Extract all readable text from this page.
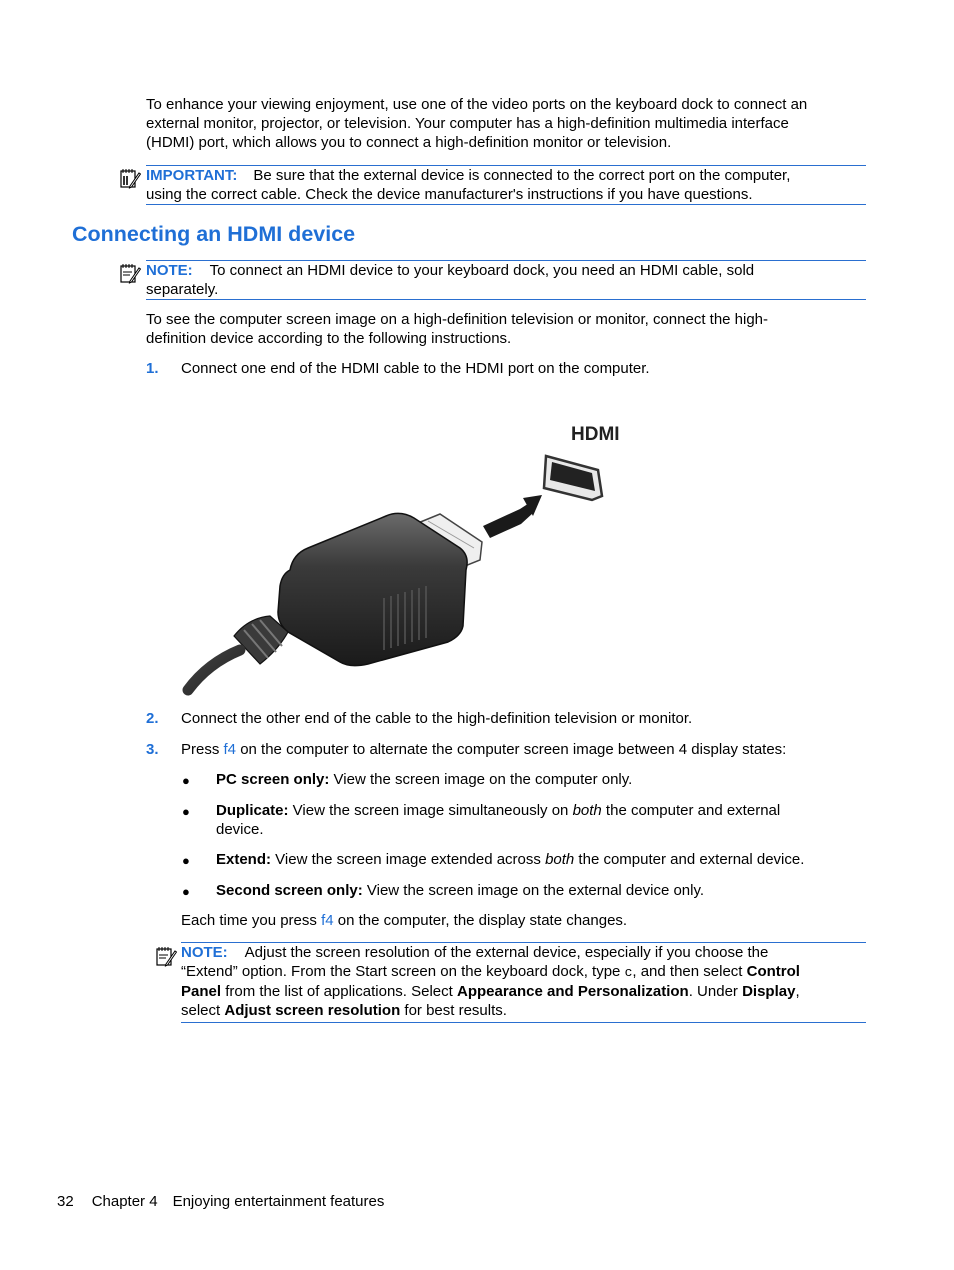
To enhance your viewing enjoyment, use one of the video ports on the keyboard dock to connect an

external monitor, projector, or television. Your computer has a high-definition multimedia interface

(HDMI) port, which allows you to connect a high-definition monitor or television.

IMPORTANT: Be sure that the external device is connected to the correct port on the computer,

using the correct cable. Check the device manufacturer's instructions if you have questions.

Connecting an HDMI device

NOTE: To connect an HDMI device to your keyboard dock, you need an HDMI cable, sold

separately.

To see the computer screen image on a high-definition television or monitor, connect the high-

definition device according to the following instructions.

1. Connect one end of the HDMI cable to the HDMI port on the computer.
HDMI
2. Connect the other end of the cable to the high-definition television or monitor.
3. Press f4 on the computer to alternate the computer screen image between 4 display states:
● PC screen only: View the screen image on the computer only.
● Duplicate: View the screen image simultaneously on both the computer and external

device.

● Extend: View the screen image extended across both the computer and external device.
● Second screen only: View the screen image on the external device only.
Each time you press f4 on the computer, the display state changes.

NOTE: Adjust the screen resolution of the external device, especially if you choose the

“Extend” option. From the Start screen on the keyboard dock, type c, and then select Control

Panel from the list of applications. Select Appearance and Personalization. Under Display,

select Adjust screen resolution for best results.

32 Chapter 4 Enjoying entertainment features
